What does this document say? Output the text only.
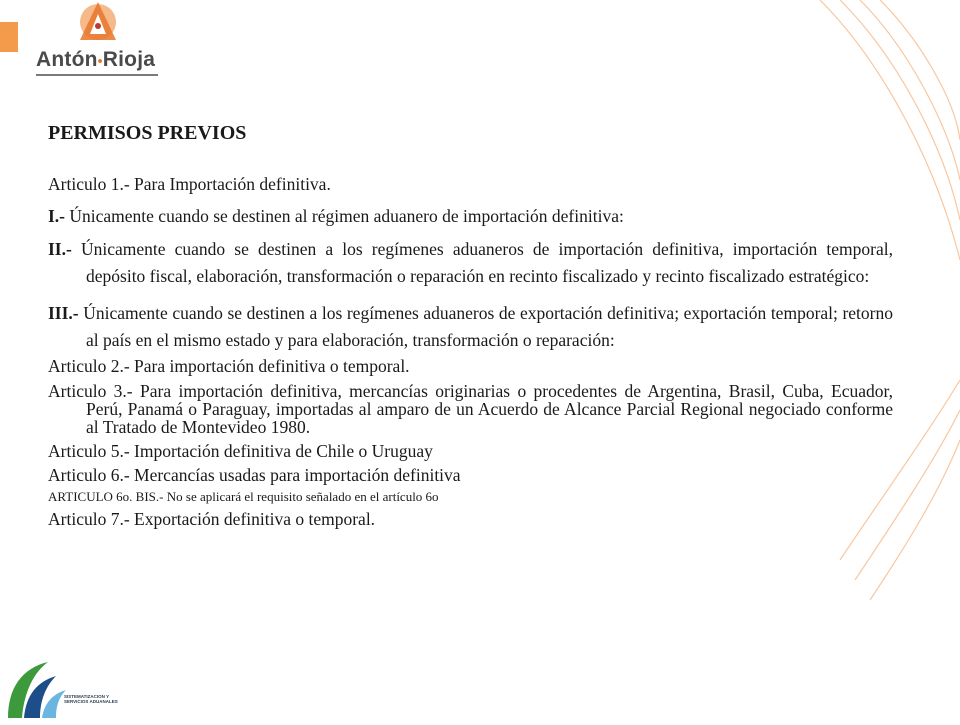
Antón•Rioja

PERMISOS PREVIOS

Articulo 1.- Para Importación definitiva.

I.- Únicamente cuando se destinen al régimen aduanero de importación definitiva:

II.- Únicamente cuando se destinen a los regímenes aduaneros de importación definitiva, importación temporal, depósito fiscal, elaboración, transformación o reparación en recinto fiscalizado y recinto fiscalizado estratégico:

III.- Únicamente cuando se destinen a los regímenes aduaneros de exportación definitiva; exportación temporal; retorno al país en el mismo estado y para elaboración, transformación o reparación:

Articulo 2.- Para importación definitiva o temporal.

Articulo 3.- Para importación definitiva, mercancías originarias o procedentes de Argentina, Brasil, Cuba, Ecuador, Perú, Panamá o Paraguay, importadas al amparo de un Acuerdo de Alcance Parcial Regional negociado conforme al Tratado de Montevideo 1980.

Articulo 5.- Importación definitiva de Chile o Uruguay

Articulo 6.- Mercancías usadas para importación definitiva

ARTICULO 6o. BIS.- No se aplicará el requisito señalado en el artículo 6o

Articulo 7.- Exportación definitiva o temporal.

SISTEMATIZACION Y
SERVICIOS ADUANALES
